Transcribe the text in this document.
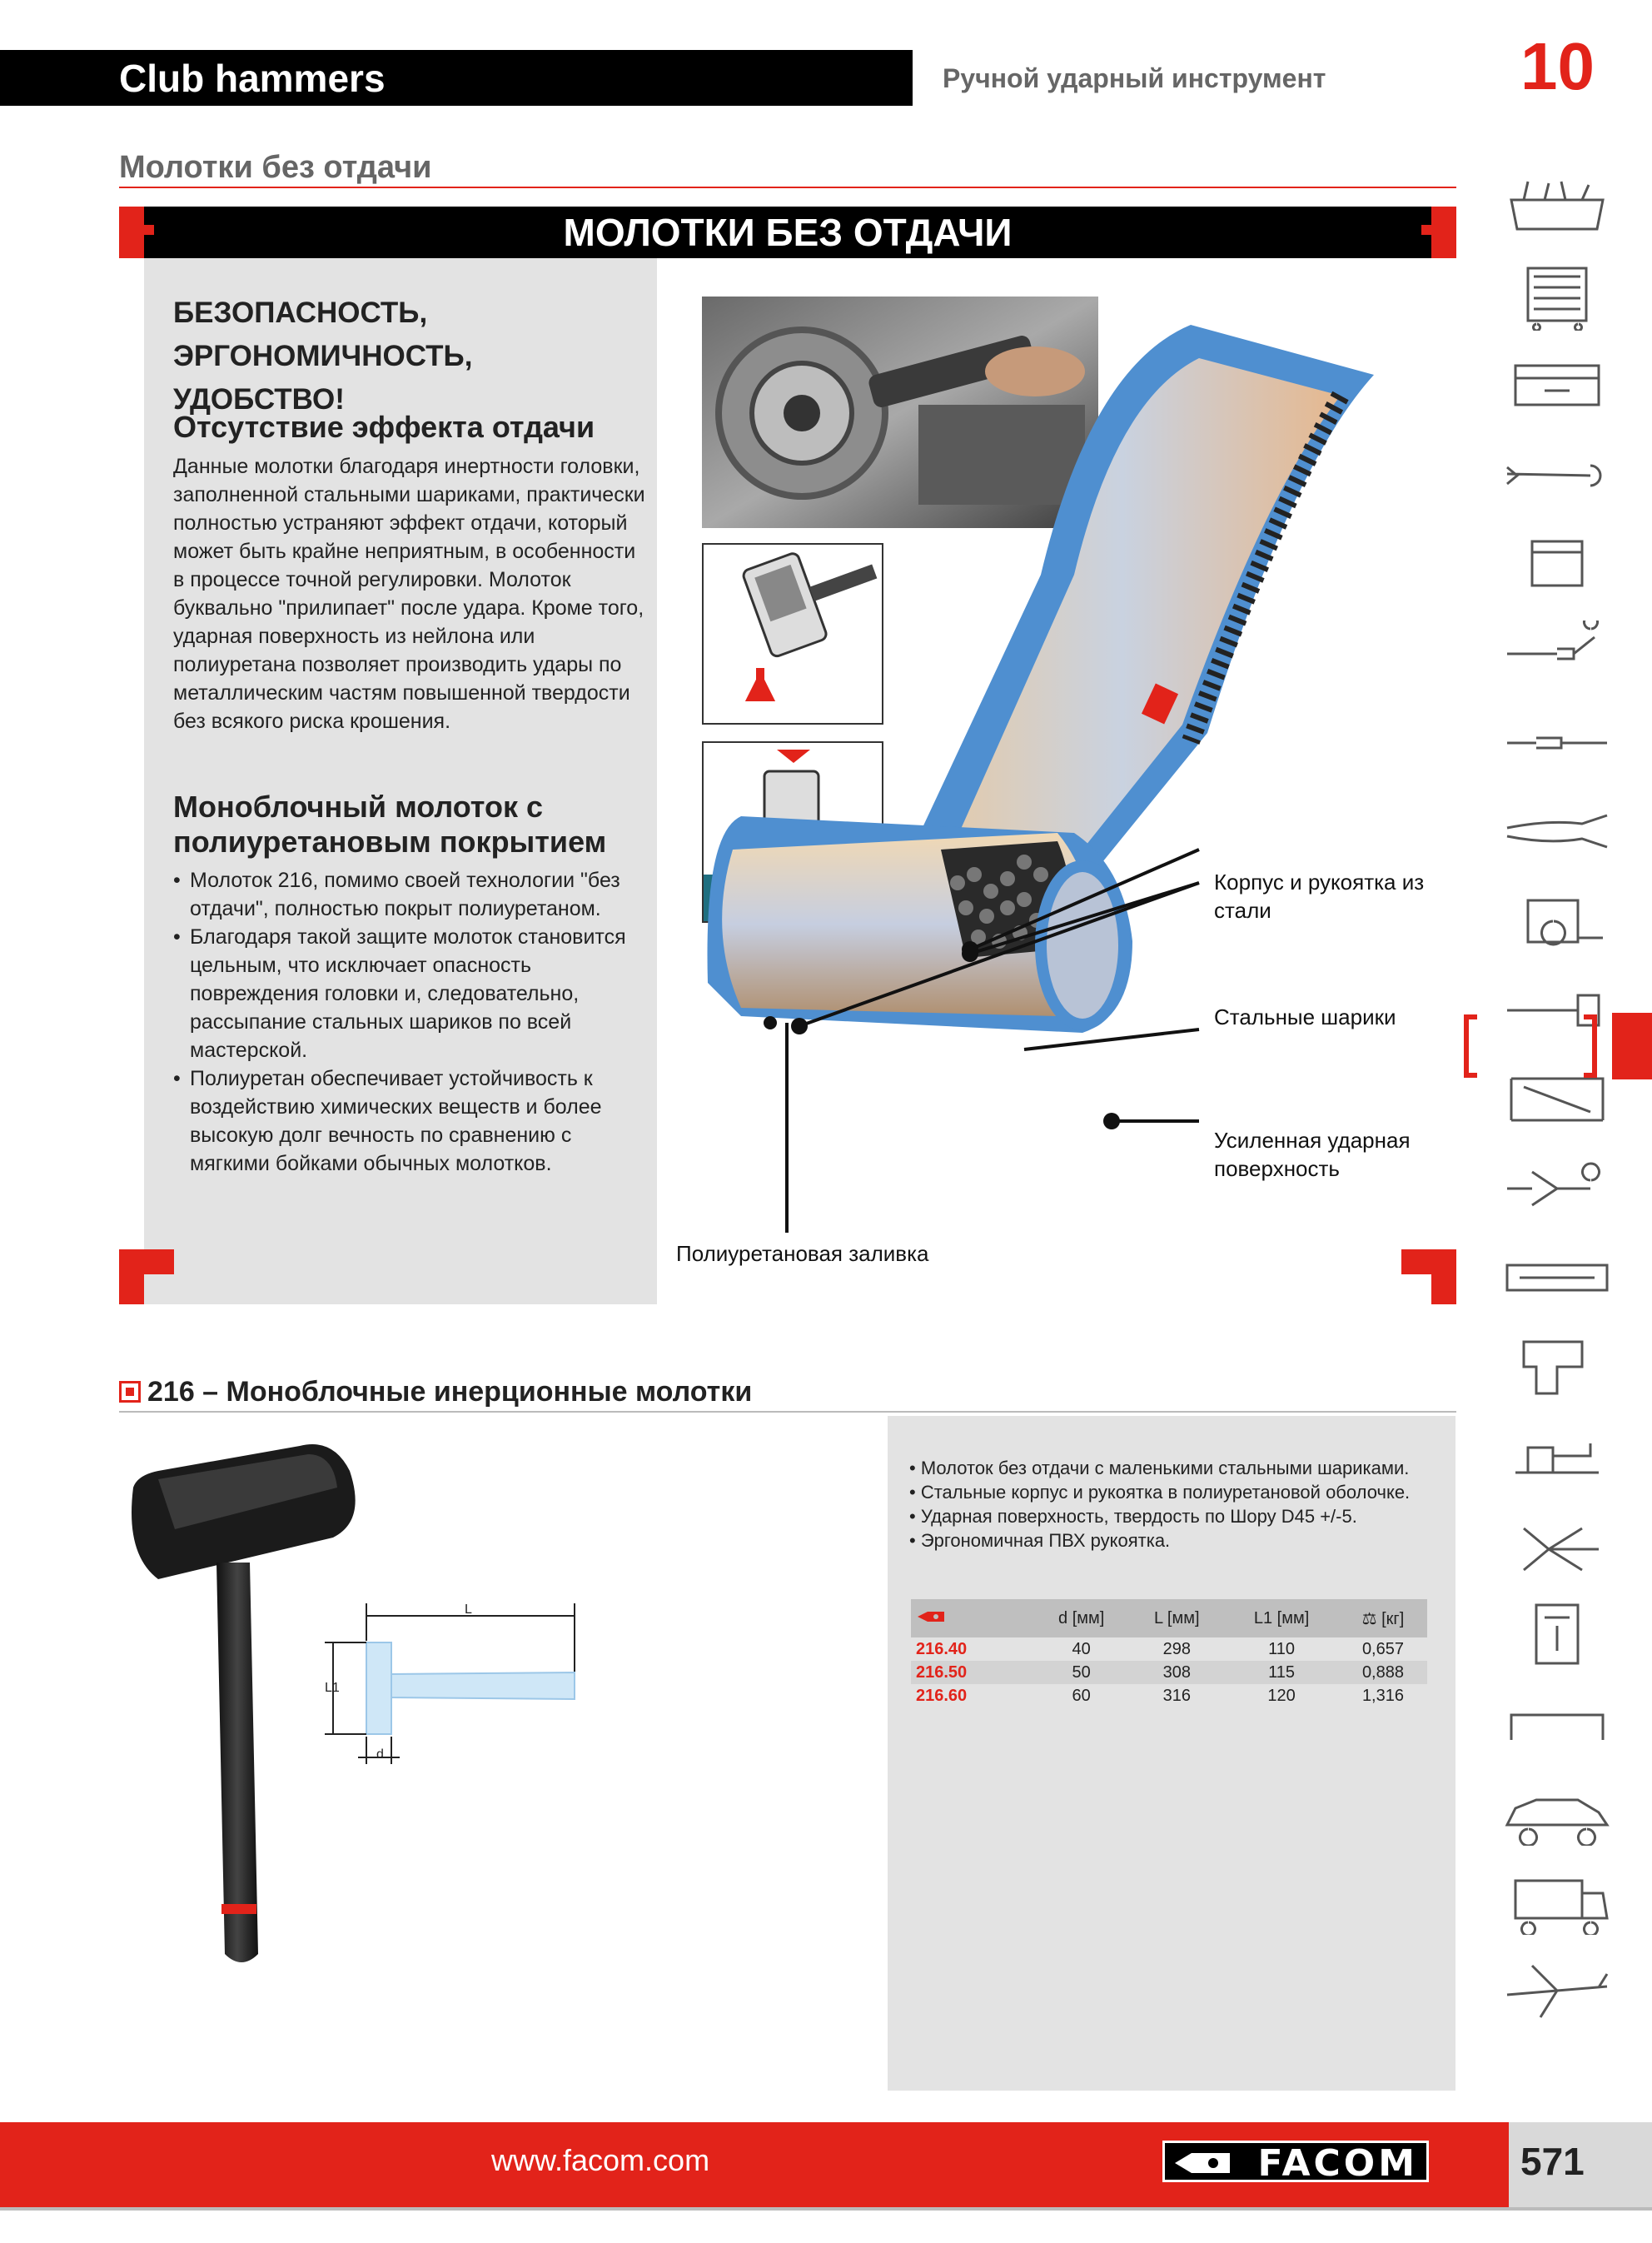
Club hammers	Ручной ударный инструмент	10
Молотки без отдачи
МОЛОТКИ БЕЗ ОТДАЧИ
БЕЗОПАСНОСТЬ, ЭРГОНОМИЧНОСТЬ,
УДОБСТВО!
Отсутствие эффекта отдачи
Данные молотки благодаря инертности головки, заполненной стальными шариками, практически полностью устраняют эффект отдачи, который может быть крайне неприятным, в особенности в процессе точной регулировки. Молоток буквально "прилипает" после удара. Кроме того, ударная поверхность из нейлона или полиуретана позволяет производить удары по металлическим частям повышенной твердости без всякого риска крошения.
Моноблочный молоток с
полиуретановым покрытием
• Молоток 216, помимо своей технологии "без отдачи", полностью покрыт полиуретаном.
• Благодаря такой защите молоток становится цельным, что исключает опасность повреждения головки и, следовательно, рассыпание стальных шариков по всей мастерской.
• Полиуретан обеспечивает устойчивость к воздействию химических веществ и более высокую долг вечность по сравнению с мягкими бойками обычных молотков.
Корпус и рукоятка из стали
Стальные шарики
Усиленная ударная поверхность
Полиуретановая заливка
216 – Моноблочные инерционные молотки
L
L1
d
• Молоток без отдачи с маленькими стальными шариками.
• Стальные корпус и рукоятка в полиуретановой оболочке.
• Ударная поверхность, твердость по Шору D45 +/-5.
• Эргономичная ПВХ рукоятка.
	d [мм]	L [мм]	L1 [мм]	⚖ [кг]
216.40	40	298	110	0,657
216.50	50	308	115	0,888
216.60	60	316	120	1,316
www.facom.com	FACOM	571
